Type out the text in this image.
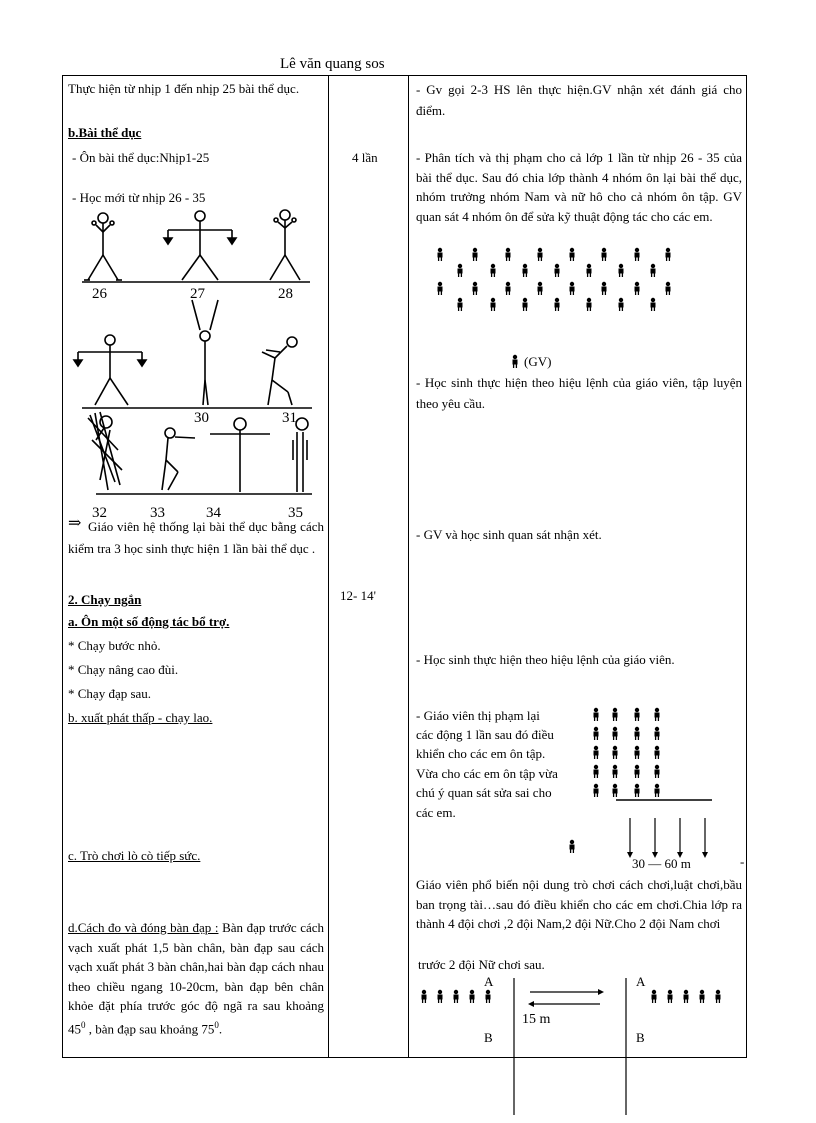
Lê văn quang sos
Thực hiện từ nhịp 1 đến nhịp 25 bài thể dục.
b.Bài thể dục
- Ôn bài thể dục:Nhịp1-25
- Học mới từ nhịp 26 - 35
26	27	28
30	31
32	33	34	35
⇒ Giáo viên hệ thống lại bài thể dục bằng cách kiểm tra 3 học sinh thực hiện 1 lần bài thể dục .
2. Chạy ngắn
a. Ôn một số động tác bổ trợ.
* Chạy bước nhỏ.
* Chạy nâng cao đùi.
* Chạy đạp sau.
b. xuất phát thấp - chạy lao.
c. Trò chơi lò cò tiếp sức.
d.Cách đo và đóng bàn đạp : Bàn đạp trước cách vạch xuất phát 1,5 bàn chân, bàn đạp sau cách vạch xuất phát 3 bàn chân,hai bàn đạp cách nhau theo chiều ngang 10-20cm, bàn đạp bên chân khỏe đặt phía trước góc độ ngã ra sau khoảng $45^0$ , bàn đạp sau khoảng $75^0$.
4 lần
12- 14'
- Gv gọi 2-3 HS lên thực hiện.GV nhận xét đánh giá cho điểm.
- Phân tích và thị phạm cho cả lớp 1 lần từ nhịp 26 - 35 của bài thể dục. Sau đó chia lớp thành 4 nhóm ôn lại bài thể dục, nhóm trưởng nhóm Nam và nữ hô cho cả nhóm ôn tập. GV quan sát 4 nhóm ôn để sửa kỹ thuật động tác cho các em.
(GV)
- Học sinh thực hiện theo hiệu lệnh của giáo viên, tập luyện theo yêu cầu.
- GV và học sinh quan sát nhận xét.
- Học sinh thực hiện theo hiệu lệnh của giáo viên.
- Giáo viên thị phạm lại
các động 1 lần sau đó điều
khiển cho các em ôn tập.
Vừa cho các em ôn tập vừa
chú ý quan sát sửa sai cho
các em.
30 — 60 m	-
Giáo viên phổ biến nội dung trò chơi cách chơi,luật chơi,bầu ban trọng tài…sau đó điều khiển cho các em chơi.Chia lớp ra thành 4 đội chơi ,2 đội Nam,2 đội Nữ.Cho 2 đội Nam chơi
trước 2 đội Nữ chơi sau.
A
B
A
B
15 m
